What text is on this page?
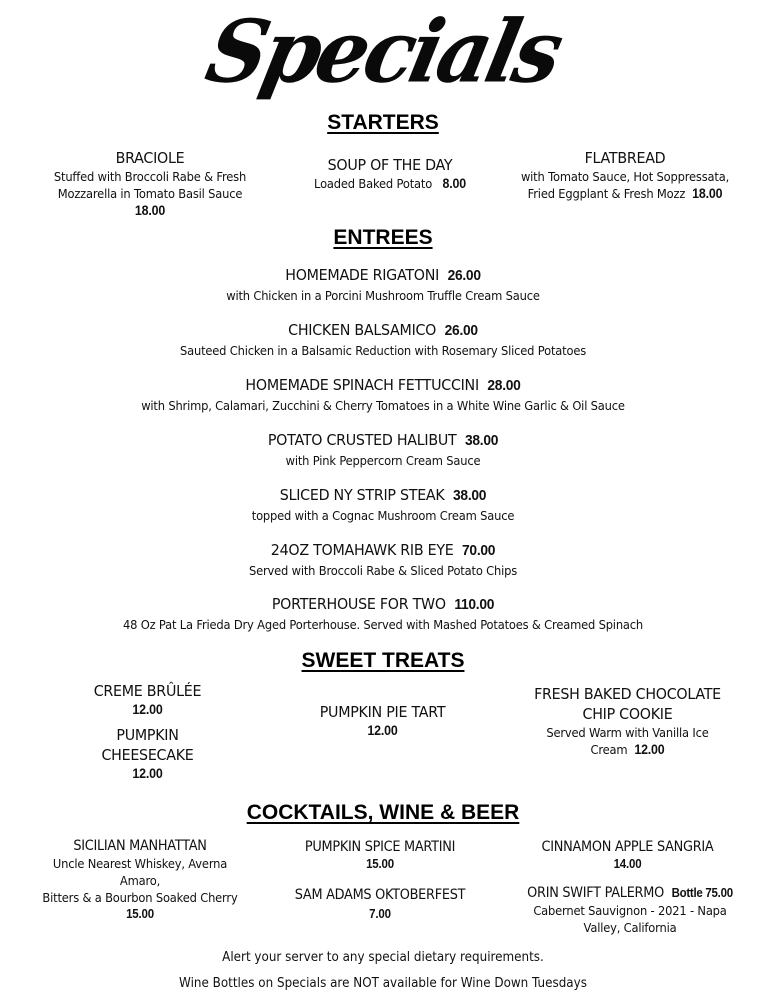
Specials
STARTERS
BRACIOLE
Stuffed with Broccoli Rabe & Fresh
Mozzarella in Tomato Basil Sauce
18.00
SOUP OF THE DAY
Loaded Baked Potato 8.00
FLATBREAD
with Tomato Sauce, Hot Soppressata,
Fried Eggplant & Fresh Mozz 18.00
ENTREES
HOMEMADE RIGATONI 26.00
with Chicken in a Porcini Mushroom Truffle Cream Sauce
CHICKEN BALSAMICO 26.00
Sauteed Chicken in a Balsamic Reduction with Rosemary Sliced Potatoes
HOMEMADE SPINACH FETTUCCINI 28.00
with Shrimp, Calamari, Zucchini & Cherry Tomatoes in a White Wine Garlic & Oil Sauce
POTATO CRUSTED HALIBUT 38.00
with Pink Peppercorn Cream Sauce
SLICED NY STRIP STEAK 38.00
topped with a Cognac Mushroom Cream Sauce
24OZ TOMAHAWK RIB EYE 70.00
Served with Broccoli Rabe & Sliced Potato Chips
PORTERHOUSE FOR TWO 110.00
48 Oz Pat La Frieda Dry Aged Porterhouse. Served with Mashed Potatoes & Creamed Spinach
SWEET TREATS
CREME BRÛLÉE
12.00
PUMPKIN
CHEESECAKE
12.00
PUMPKIN PIE TART
12.00
FRESH BAKED CHOCOLATE
CHIP COOKIE
Served Warm with Vanilla Ice
Cream 12.00
COCKTAILS, WINE & BEER
SICILIAN MANHATTAN
Uncle Nearest Whiskey, Averna
Amaro,
Bitters & a Bourbon Soaked Cherry
15.00
PUMPKIN SPICE MARTINI
15.00
SAM ADAMS OKTOBERFEST
7.00
CINNAMON APPLE SANGRIA
14.00
ORIN SWIFT PALERMO Bottle 75.00
Cabernet Sauvignon - 2021 - Napa
Valley, California
Alert your server to any special dietary requirements.
Wine Bottles on Specials are NOT available for Wine Down Tuesdays
